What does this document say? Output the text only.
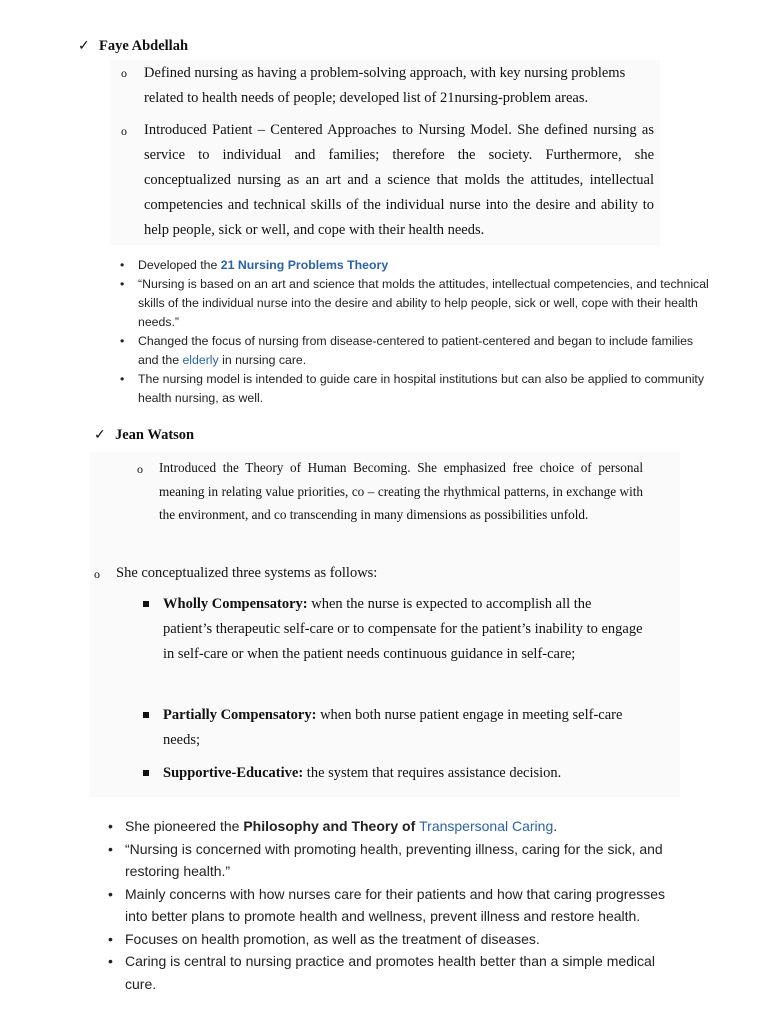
✓ Faye Abdellah
o Defined nursing as having a problem-solving approach, with key nursing problems related to health needs of people; developed list of 21nursing-problem areas.
o Introduced Patient – Centered Approaches to Nursing Model. She defined nursing as service to individual and families; therefore the society. Furthermore, she conceptualized nursing as an art and a science that molds the attitudes, intellectual competencies and technical skills of the individual nurse into the desire and ability to help people, sick or well, and cope with their health needs.
• Developed the 21 Nursing Problems Theory
• “Nursing is based on an art and science that molds the attitudes, intellectual competencies, and technical skills of the individual nurse into the desire and ability to help people, sick or well, cope with their health needs.”
• Changed the focus of nursing from disease-centered to patient-centered and began to include families and the elderly in nursing care.
• The nursing model is intended to guide care in hospital institutions but can also be applied to community health nursing, as well.
✓ Jean Watson
o Introduced the Theory of Human Becoming. She emphasized free choice of personal meaning in relating value priorities, co – creating the rhythmical patterns, in exchange with the environment, and co transcending in many dimensions as possibilities unfold.
o She conceptualized three systems as follows:
Wholly Compensatory: when the nurse is expected to accomplish all the patient’s therapeutic self-care or to compensate for the patient’s inability to engage in self-care or when the patient needs continuous guidance in self-care;
Partially Compensatory: when both nurse patient engage in meeting self-care needs;
Supportive-Educative: the system that requires assistance decision.
• She pioneered the Philosophy and Theory of Transpersonal Caring.
• “Nursing is concerned with promoting health, preventing illness, caring for the sick, and restoring health.”
• Mainly concerns with how nurses care for their patients and how that caring progresses into better plans to promote health and wellness, prevent illness and restore health.
• Focuses on health promotion, as well as the treatment of diseases.
• Caring is central to nursing practice and promotes health better than a simple medical cure.
